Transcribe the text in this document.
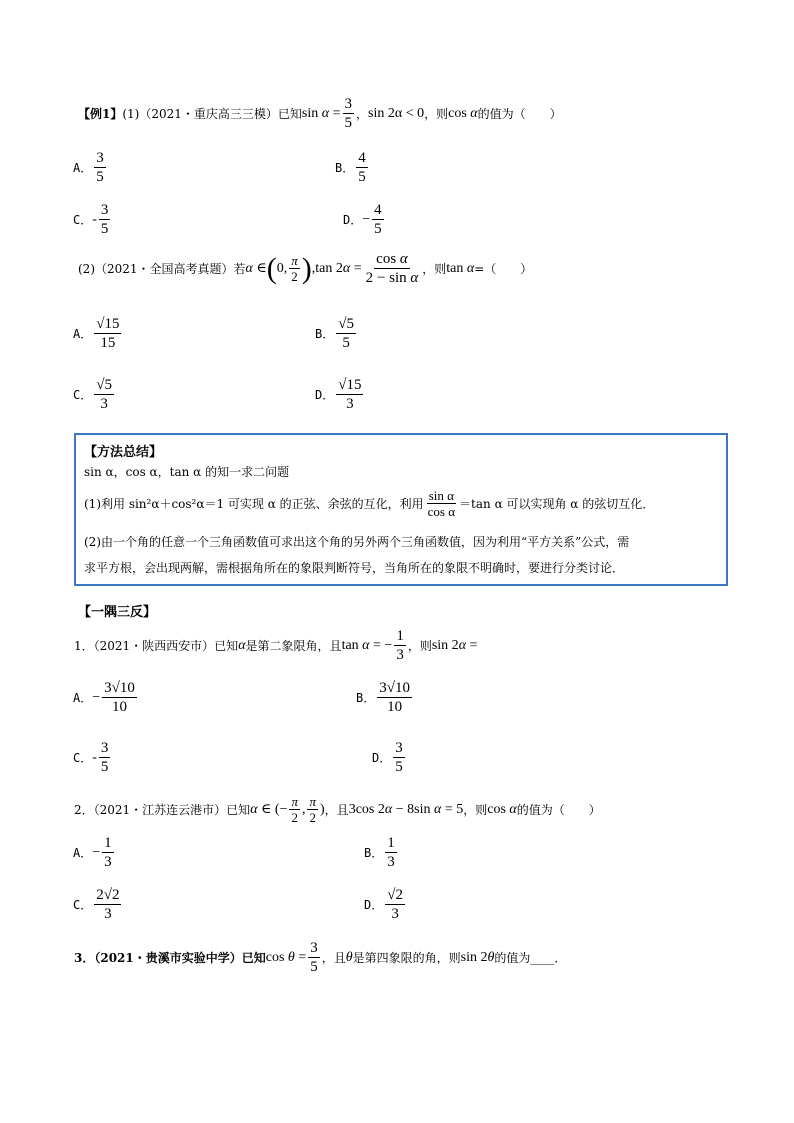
【例1】 (1)（2021・重庆高三三模）已知 $\sin \alpha = \frac{3}{5}$ ， sin 2α < 0 ，则 cos α 的值为（　　）
A． $\frac{3}{5}$	B． $\frac{4}{5}$
C． - $\frac{3}{5}$	D． − $\frac{4}{5}$
(2)（2021・全国高考真题）若 α ∈ ( 0, $\frac{\pi}{2}$ ) ,tan $2\alpha = \frac{\text{cos α}}{\text{2 − sin α}}$ ，则 tan α =（　　）
A． $\frac{√15}{15}$	B． $\frac{√5}{5}$
C． $\frac{√5}{3}$	D． $\frac{√15}{3}$
【方法总结】
sin α，cos α，tan α 的知一求二问题
(1)利用 sin²α＋cos²α＝1 可实现 α 的正弦、余弦的互化，利用 $\frac{\text{sin α}}{\text{cos α}} =\tan$ α 可以实现角 α 的弦切互化．
(2)由一个角的任意一个三角函数值可求出这个角的另外两个三角函数值，因为利用“平方关系”公式，需
求平方根，会出现两解，需根据角所在的象限判断符号，当角所在的象限不明确时，要进行分类讨论．
【一隅三反】
1．（2021・陕西西安市）已知 α 是第二象限角，且 tan α = − $\frac{1}{3}$ ，则 sin 2α =
A． − $\frac{3√10}{10}$	B． $\frac{3√10}{10}$
C． - $\frac{3}{5}$	D． $\frac{3}{5}$
2．（2021・江苏连云港市）已知 α ∈ (− $\frac{\pi}{2}$ , $\frac{\pi}{2}$ ) ，且 3cos 2α − 8sin α = 5 ，则 cos α 的值为（　　）
A． − $\frac{1}{3}$	B． $\frac{1}{3}$
C． $\frac{2√2}{3}$	D． $\frac{√2}{3}$
3．（2021・贵溪市实验中学）已知 $\cos \theta = \frac{3}{5}$ ，且 θ 是第四象限的角，则 sin 2θ 的值为 ____．
